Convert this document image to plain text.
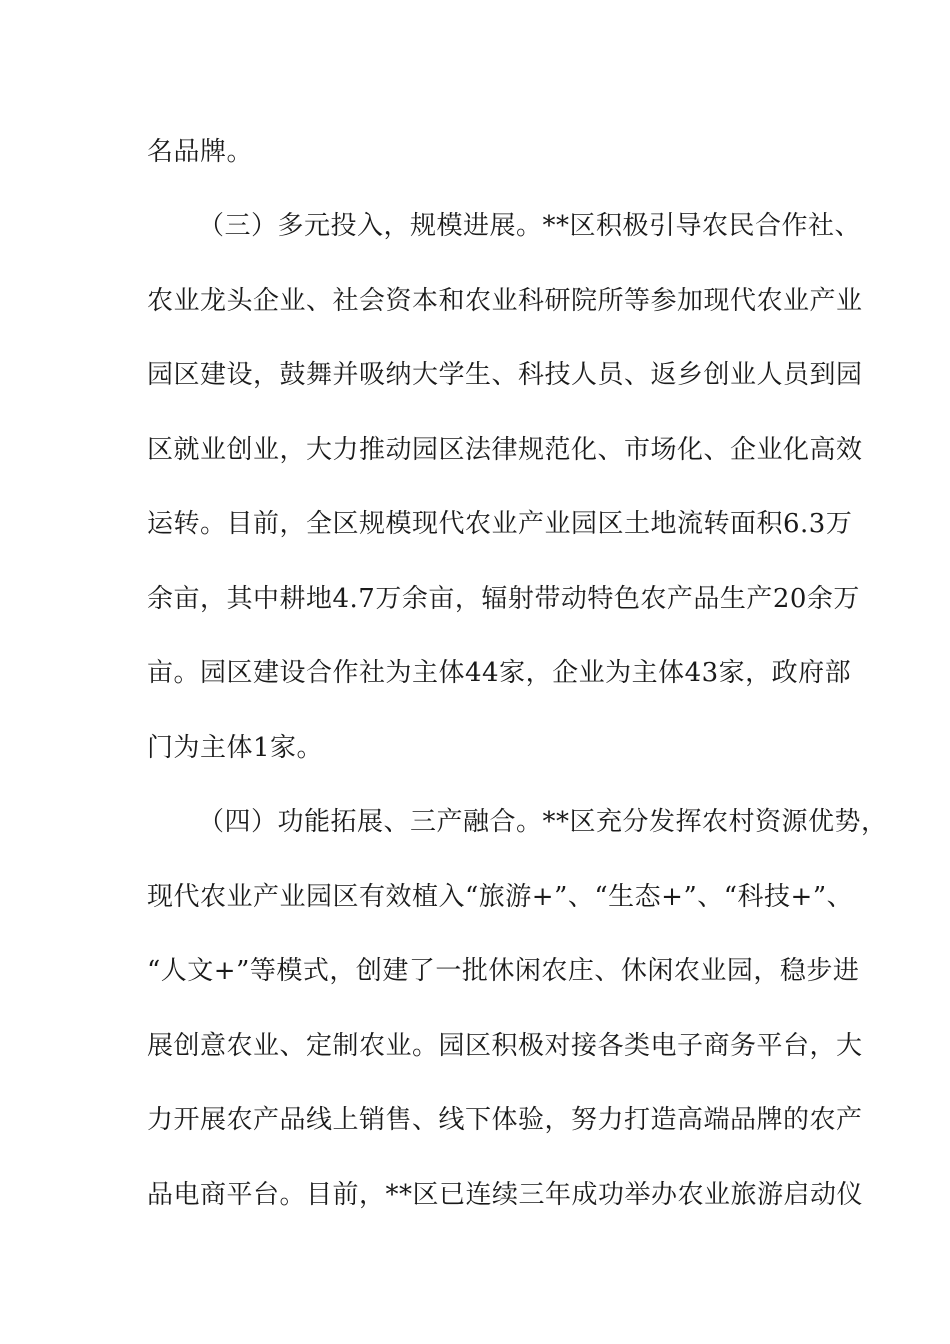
名品牌。
（三）多元投入，规模进展。**区积极引导农民合作社、
农业龙头企业、社会资本和农业科研院所等参加现代农业产业
园区建设，鼓舞并吸纳大学生、科技人员、返乡创业人员到园
区就业创业，大力推动园区法律规范化、市场化、企业化高效
运转。目前，全区规模现代农业产业园区土地流转面积6.3万
余亩，其中耕地4.7万余亩，辐射带动特色农产品生产20余万
亩。园区建设合作社为主体44家，企业为主体43家，政府部
门为主体1家。
（四）功能拓展、三产融合。**区充分发挥农村资源优势，
现代农业产业园区有效植入“旅游+”、“生态+”、“科技+”、
“人文+”等模式，创建了一批休闲农庄、休闲农业园，稳步进
展创意农业、定制农业。园区积极对接各类电子商务平台，大
力开展农产品线上销售、线下体验，努力打造高端品牌的农产
品电商平台。目前，**区已连续三年成功举办农业旅游启动仪
